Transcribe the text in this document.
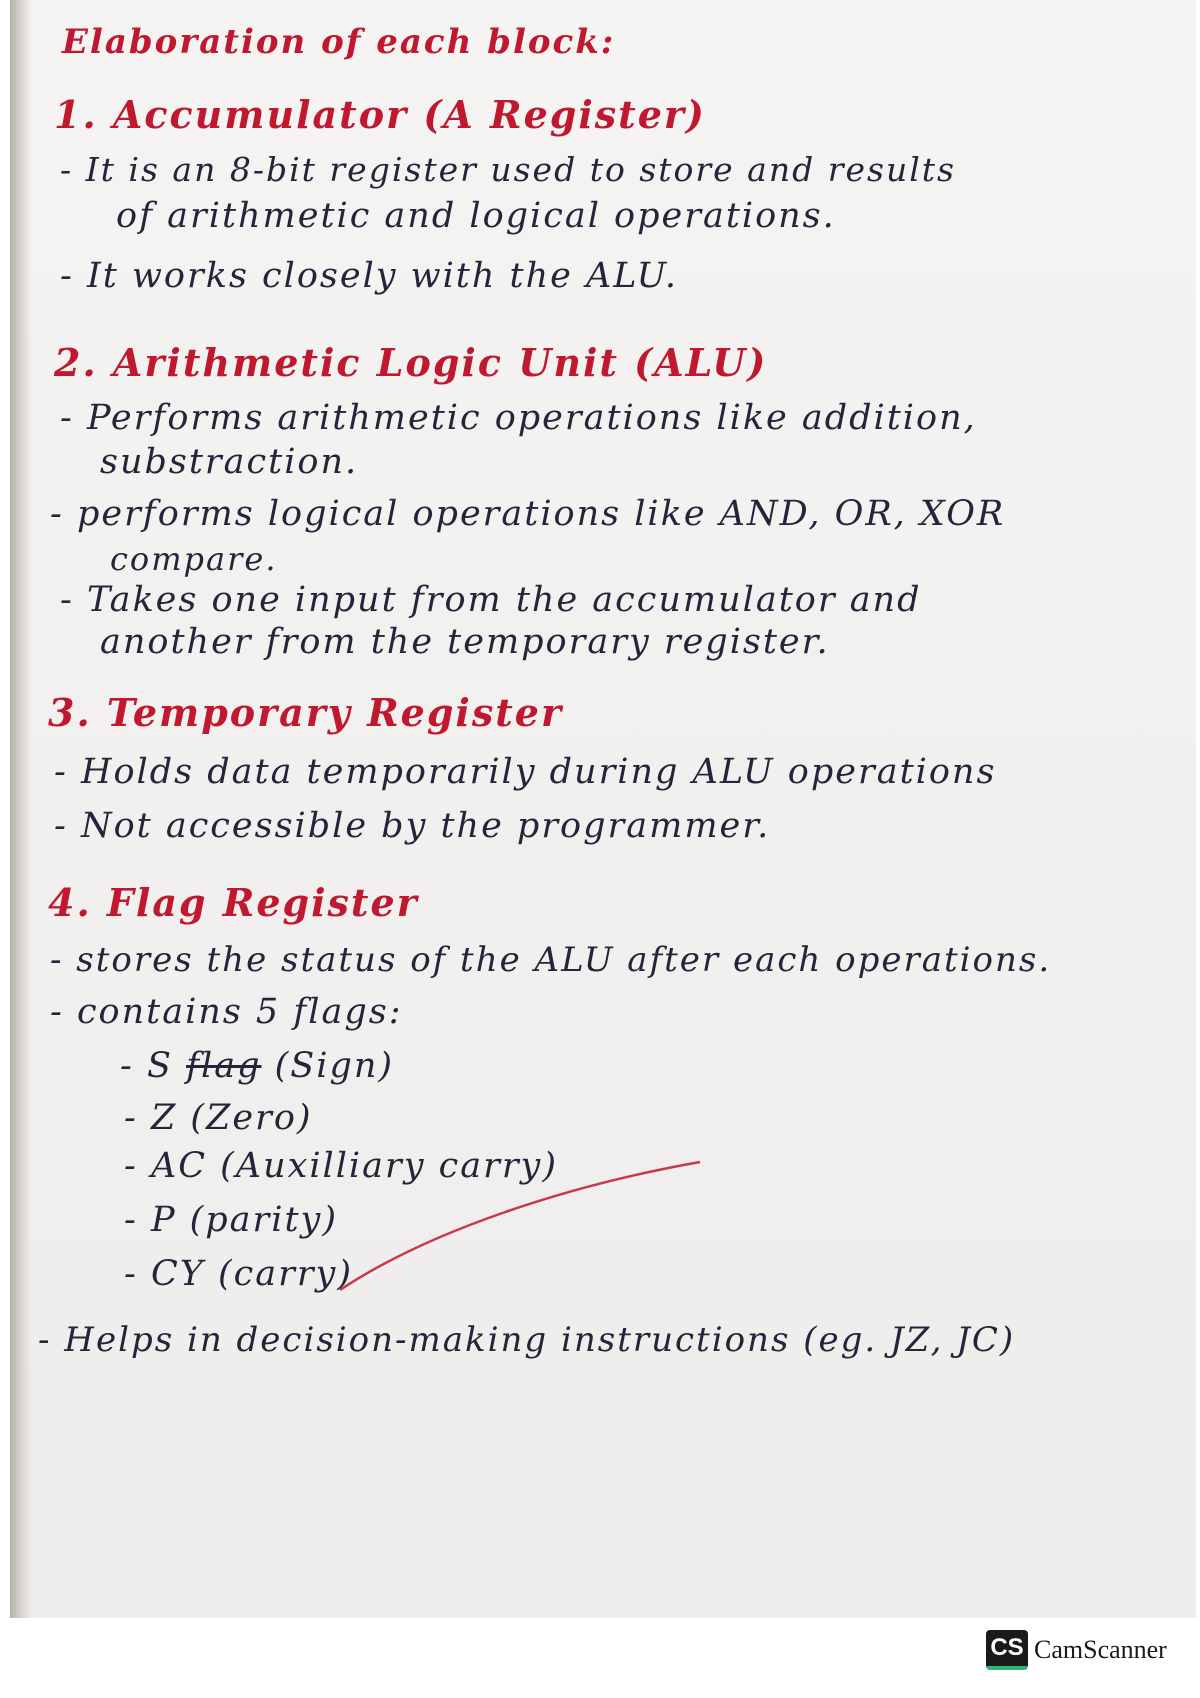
Elaboration of each block:
1. Accumulator (A Register)
- It is an 8-bit register used to store and results
of arithmetic and logical operations.
- It works closely with the ALU.
2. Arithmetic Logic Unit (ALU)
- Performs arithmetic operations like addition,
substraction.
- performs logical operations like AND, OR, XOR
compare.
- Takes one input from the accumulator and
another from the temporary register.
3. Temporary Register
- Holds data temporarily during ALU operations
- Not accessible by the programmer.
4. Flag Register
- stores the status of the ALU after each operations.
- contains 5 flags:
- S flag (Sign)
- Z (Zero)
- AC (Auxilliary carry)
- P (parity)
- CY (carry)
- Helps in decision-making instructions (eg. JZ, JC)
CS CamScanner
